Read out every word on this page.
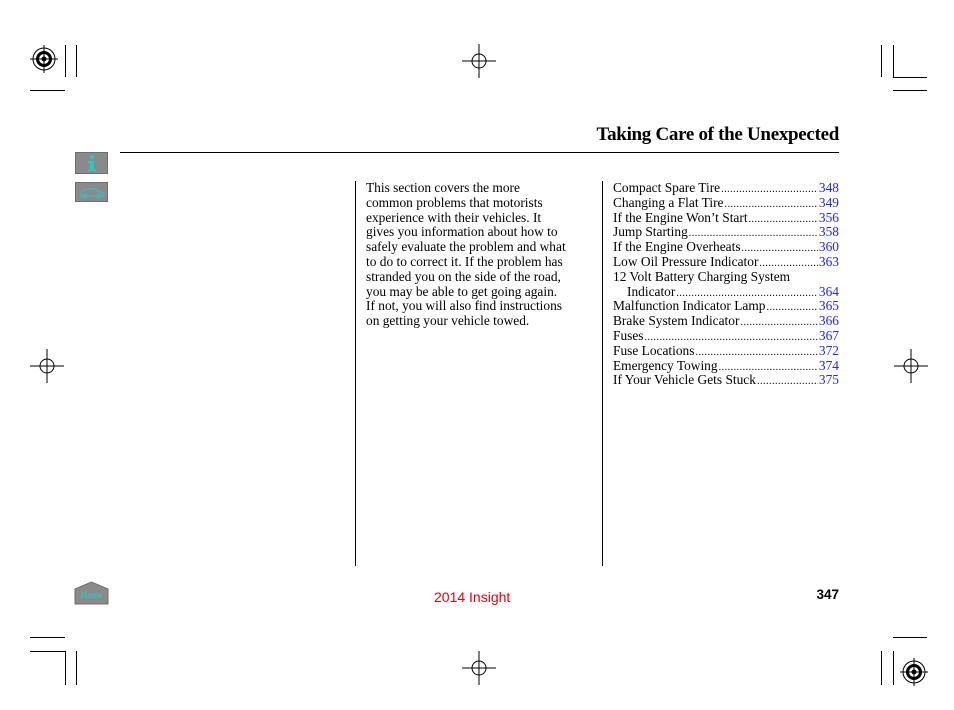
Taking Care of the Unexpected
This section covers the more
common problems that motorists
experience with their vehicles. It
gives you information about how to
safely evaluate the problem and what
to do to correct it. If the problem has
stranded you on the side of the road,
you may be able to get going again.
If not, you will also find instructions
on getting your vehicle towed.
Compact Spare Tire .....	348
Changing a Flat Tire .....	349
If the Engine Won’t Start .....	356
Jump Starting .....	358
If the Engine Overheats .....	360
Low Oil Pressure Indicator .....	363
12 Volt Battery Charging System
Indicator .....	364
Malfunction Indicator Lamp .....	365
Brake System Indicator .....	366
Fuses .....	367
Fuse Locations .....	372
Emergency Towing .....	374
If Your Vehicle Gets Stuck .....	375
Home	2014 Insight	347
